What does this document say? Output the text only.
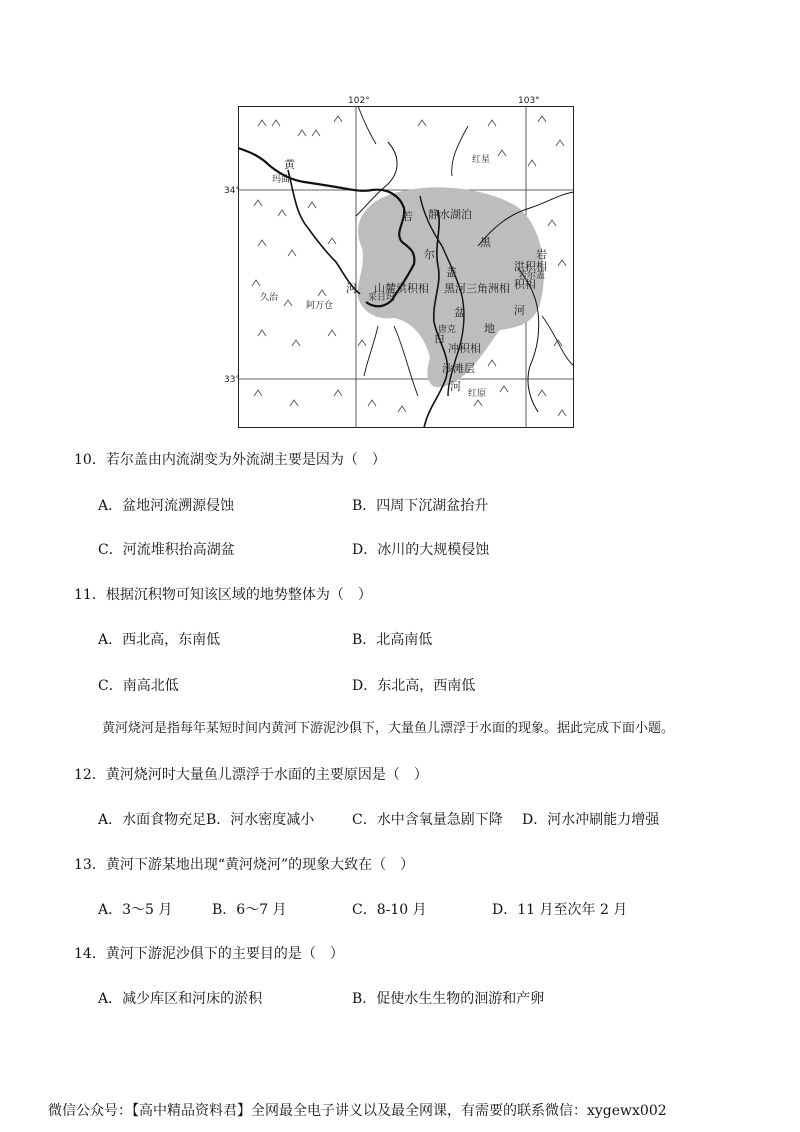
102°	103°
34°
33°
玛曲
久治
阿万仓
采日玛
唐克
若尔盖
红星
黄
河
白
河
黑
河
若
尔
盖
盆
地
静水湖泊
山麓洪积相 黑河三角洲相
红原
沙滩层
岩
积相
洪积相
冲积相
10．若尔盖由内流湖变为外流湖主要是因为（　）
A．盆地河流溯源侵蚀	B．四周下沉湖盆抬升
C．河流堆积抬高湖盆	D．冰川的大规模侵蚀
11．根据沉积物可知该区域的地势整体为（　）
A．西北高，东南低	B．北高南低
C．南高北低	D．东北高，西南低
黄河烧河是指每年某短时间内黄河下游泥沙俱下，大量鱼儿漂浮于水面的现象。据此完成下面小题。
12．黄河烧河时大量鱼儿漂浮于水面的主要原因是（　）
A．水面食物充足 B．河水密度减小	C．水中含氧量急剧下降 D．河水冲刷能力增强
13．黄河下游某地出现“黄河烧河”的现象大致在（　）
A．3～5 月	B．6～7 月	C．8-10 月	D．11 月至次年 2 月
14．黄河下游泥沙俱下的主要目的是（　）
A．减少库区和河床的淤积	B．促使水生生物的洄游和产卵
微信公众号：【高中精品资料君】全网最全电子讲义以及最全网课，有需要的联系微信：xygewx002
